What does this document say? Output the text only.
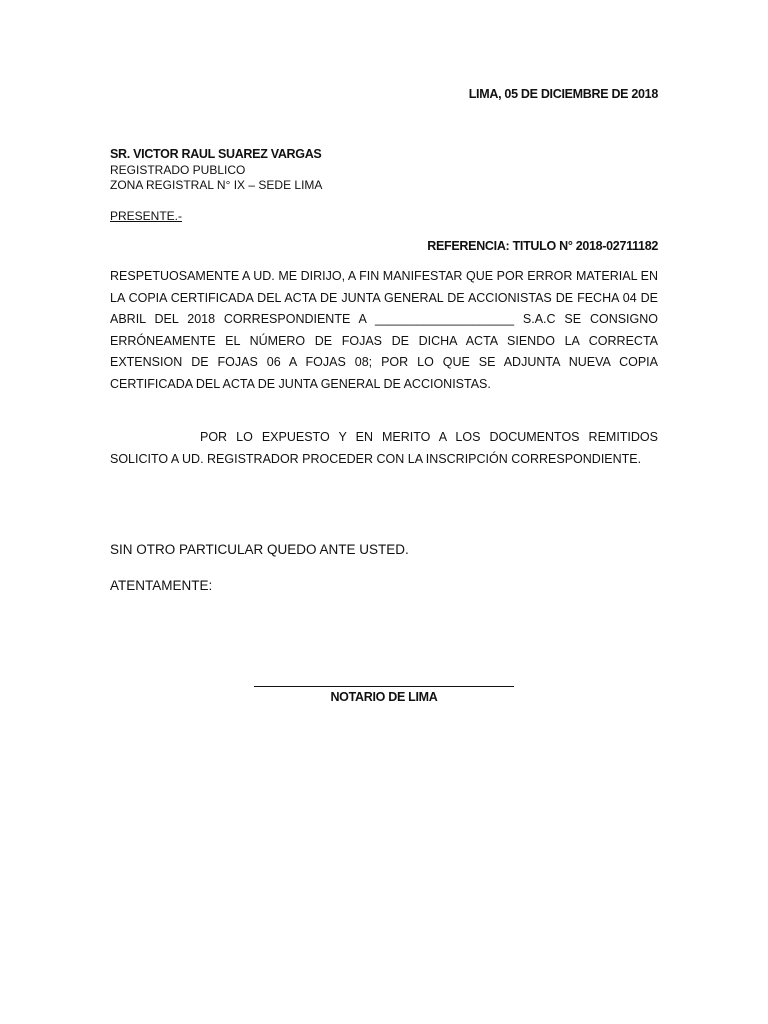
LIMA, 05 DE DICIEMBRE DE 2018
SR. VICTOR RAUL SUAREZ VARGAS
REGISTRADO PUBLICO
ZONA REGISTRAL N° IX – SEDE LIMA
PRESENTE.-
REFERENCIA: TITULO N° 2018-02711182
RESPETUOSAMENTE A UD. ME DIRIJO, A FIN MANIFESTAR QUE POR ERROR MATERIAL EN LA COPIA CERTIFICADA DEL ACTA DE JUNTA GENERAL DE ACCIONISTAS DE FECHA 04 DE ABRIL DEL 2018 CORRESPONDIENTE A ____________________ S.A.C SE CONSIGNO ERRÓNEAMENTE EL NÚMERO DE FOJAS DE DICHA ACTA SIENDO LA CORRECTA EXTENSION DE FOJAS 06 A FOJAS 08; POR LO QUE SE ADJUNTA NUEVA COPIA CERTIFICADA DEL ACTA DE JUNTA GENERAL DE ACCIONISTAS.
POR LO EXPUESTO Y EN MERITO A LOS DOCUMENTOS REMITIDOS SOLICITO A UD. REGISTRADOR PROCEDER CON LA INSCRIPCIÓN CORRESPONDIENTE.
SIN OTRO PARTICULAR QUEDO ANTE USTED.
ATENTAMENTE:
NOTARIO DE LIMA
